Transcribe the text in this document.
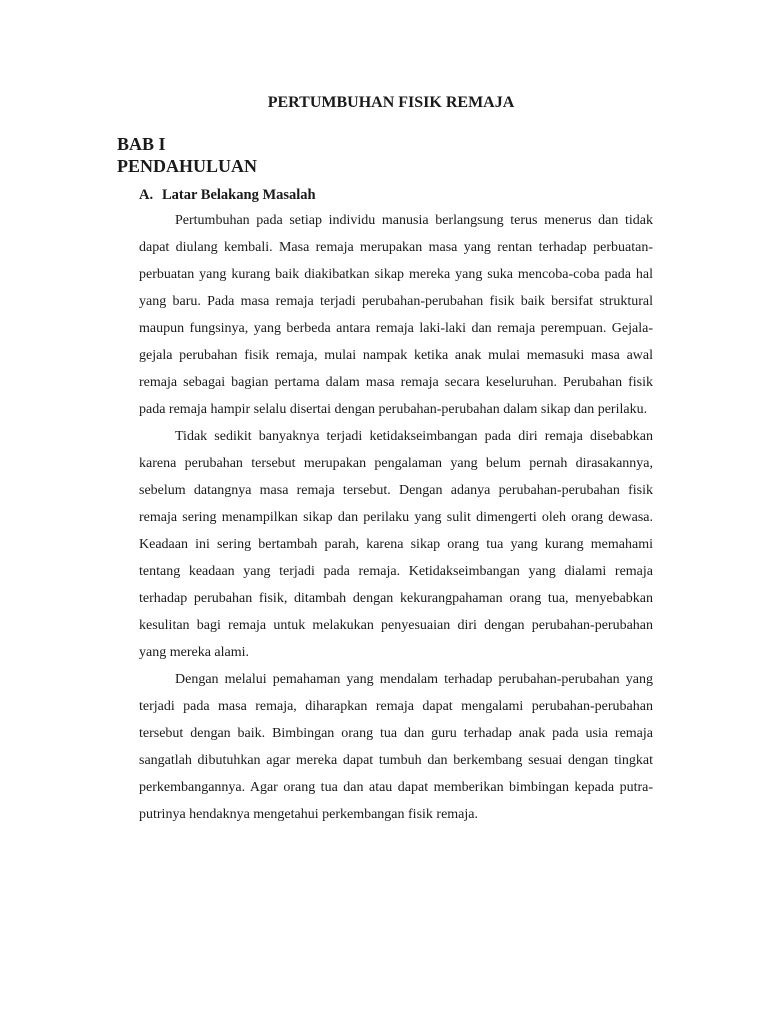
PERTUMBUHAN FISIK REMAJA
BAB I
PENDAHULUAN
A. Latar Belakang Masalah

Pertumbuhan pada setiap individu manusia berlangsung terus menerus dan tidak dapat diulang kembali. Masa remaja merupakan masa yang rentan terhadap perbuatan-perbuatan yang kurang baik diakibatkan sikap mereka yang suka mencoba-coba pada hal yang baru. Pada masa remaja terjadi perubahan-perubahan fisik baik bersifat struktural maupun fungsinya, yang berbeda antara remaja laki-laki dan remaja perempuan. Gejala-gejala perubahan fisik remaja, mulai nampak ketika anak mulai memasuki masa awal remaja sebagai bagian pertama dalam masa remaja secara keseluruhan. Perubahan fisik pada remaja hampir selalu disertai dengan perubahan-perubahan dalam sikap dan perilaku.

Tidak sedikit banyaknya terjadi ketidakseimbangan pada diri remaja disebabkan karena perubahan tersebut merupakan pengalaman yang belum pernah dirasakannya, sebelum datangnya masa remaja tersebut. Dengan adanya perubahan-perubahan fisik remaja sering menampilkan sikap dan perilaku yang sulit dimengerti oleh orang dewasa. Keadaan ini sering bertambah parah, karena sikap orang tua yang kurang memahami tentang keadaan yang terjadi pada remaja. Ketidakseimbangan yang dialami remaja terhadap perubahan fisik, ditambah dengan kekurangpahaman orang tua, menyebabkan kesulitan bagi remaja untuk melakukan penyesuaian diri dengan perubahan-perubahan yang mereka alami.

Dengan melalui pemahaman yang mendalam terhadap perubahan-perubahan yang terjadi pada masa remaja, diharapkan remaja dapat mengalami perubahan-perubahan tersebut dengan baik. Bimbingan orang tua dan guru terhadap anak pada usia remaja sangatlah dibutuhkan agar mereka dapat tumbuh dan berkembang sesuai dengan tingkat perkembangannya. Agar orang tua dan atau dapat memberikan bimbingan kepada putra-putrinya hendaknya mengetahui perkembangan fisik remaja.
